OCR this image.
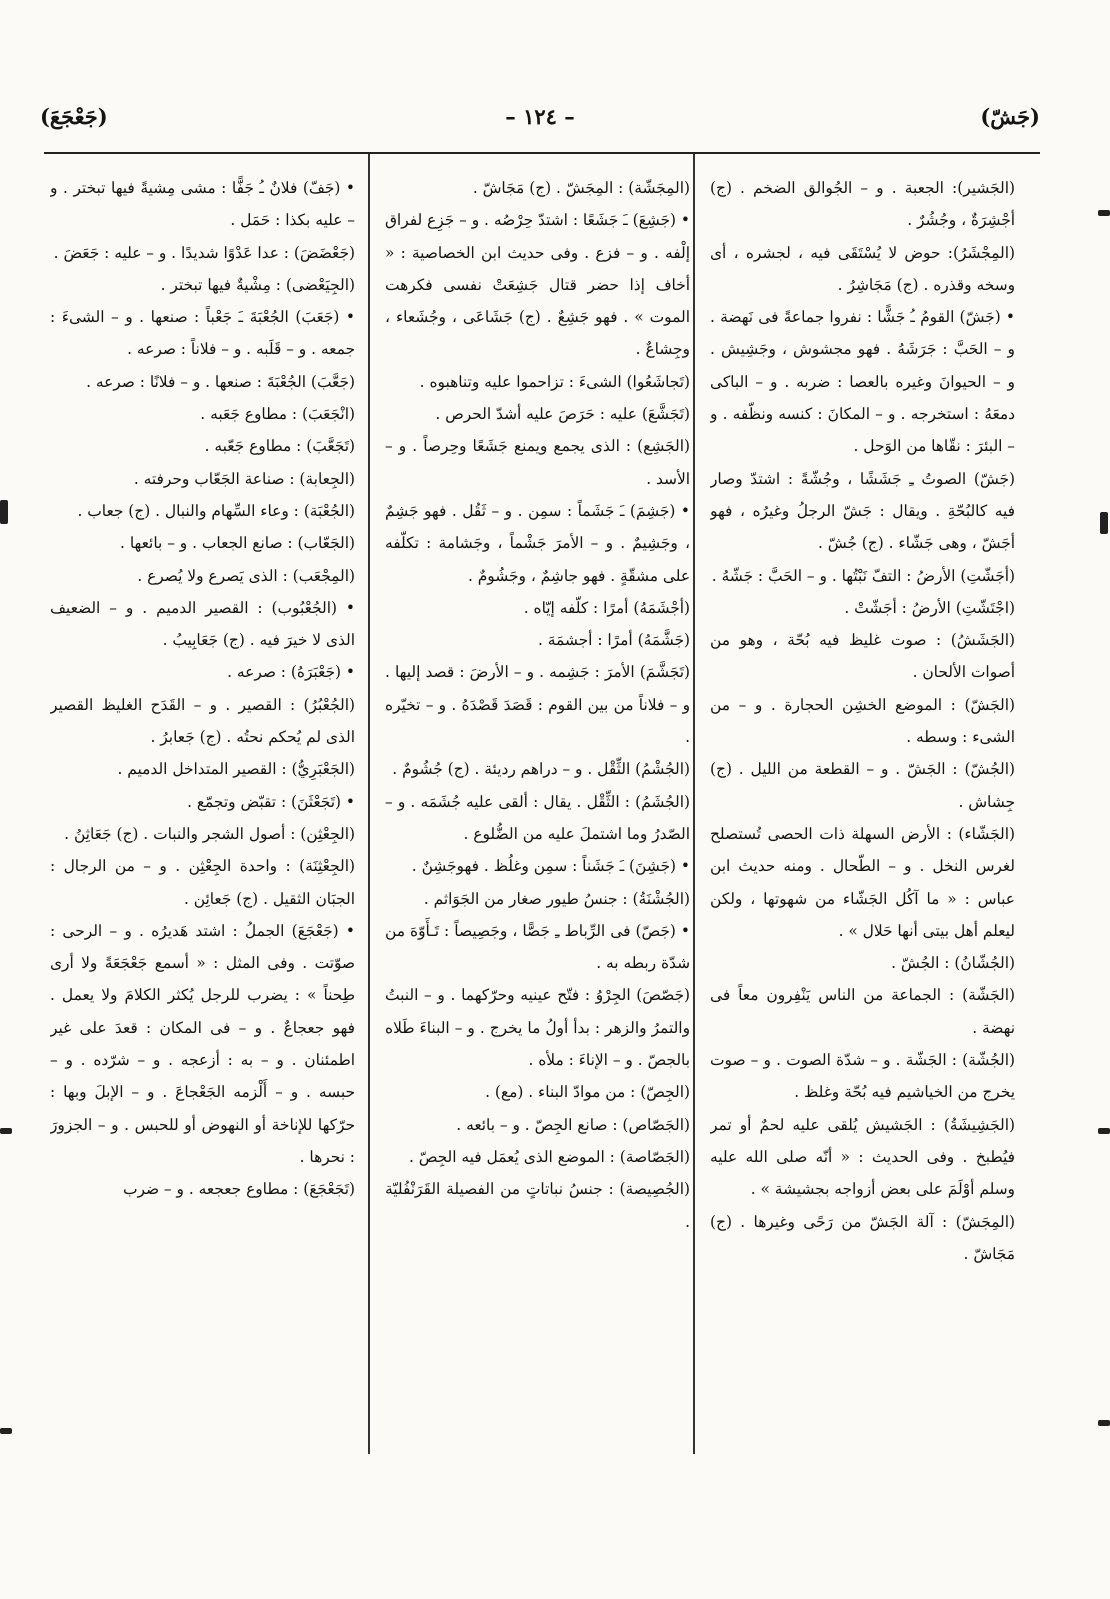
(جَشّ)
– ١٢٤ –
(جَعْجَعَ)

(الجَشير): الجعبة . و – الجُوالق الضخم . (ج) أجْشِرَةٌ ، وجُشُرٌ .

(المِجْشَرُ): حوض لا يُسْتَقَى فيه ، لجشره ، أى وسخه وقذره . (ج) مَجَاشِرُ .

• (جَشّ) القومُ ـُ جَشًّا : نفروا جماعةً فى نَهضة . و – الحَبَّ : جَرَشَهُ . فهو مجشوش ، وجَشِيش . و – الحيوانَ وغيره بالعصا : ضربه . و – الباكى دمعَهُ : استخرجه . و – المكانَ : كنسه ونظّفه . و – البئرَ : نقّاها من الوَحل .

(جَشّ) الصوتُ ـِ جَشَشًا ، وجُشّةً : اشتدّ وصار فيه كالبُحّةِ . ويقال : جَشّ الرجلُ وغيرُه ، فهو أجَشّ ، وهى جَشّاء . (ج) جُشّ .

(أجَشّتِ) الأرضُ : التفّ نَبْتُها . و – الحَبَّ : جَشّهُ .

(اجْتَشّتِ) الأرضُ : أجَشّتْ .

(الجَشَشُ) : صوت غليظ فيه بُحّة ، وهو من أصوات الألحان .

(الجَشّ) : الموضع الخشِن الحجارة . و – من الشىء : وسطه .

(الجُشّ) : الجَشّ . و – القطعة من الليل . (ج) جِشاش .

(الجَشّاء) : الأرض السهلة ذات الحصى تُستصلح لغرس النخل . و – الطّحال . ومنه حديث ابن عباس : « ما آكُل الجَشّاء من شهوتها ، ولكن ليعلم أهل بيتى أنها حَلال » .

(الجُشّانُ) : الجُشّ .

(الجَشّة) : الجماعة من الناس يَنْفِرون معاً فى نهضة .

(الجُشّة) : الجَشّة . و – شدّة الصوت . و – صوت يخرج من الخياشيم فيه بُحّة وغلظ .

(الجَشِيشَةُ) : الجَشيش يُلقى عليه لحمٌ أو تمر فيُطبخ . وفى الحديث : « أنّه صلى الله عليه وسلم أوْلَمَ على بعض أزواجه بجشيشة » .

(المِجَشّ) : آلة الجَشّ من رَحًى وغيرها . (ج) مَجَاشّ .

(المِجَشّة) : المِجَشّ . (ج) مَجَاشّ .

• (جَشِعَ) ـَ جَشَعًا : اشتدّ حِرْصُه . و – جَزِع لفراق إلْفه . و – فزع . وفى حديث ابن الخصاصية : « أخاف إذا حضر قتال جَشِعَتْ نفسى فكرهت الموت » . فهو جَشِعٌ . (ج) جَشَاعَى ، وجُشَعاء ، وجِشاعٌ .

(تَجاشَعُوا) الشىءَ : تزاحموا عليه وتناهبوه .

(تَجَشَّعَ) عليه : حَرَصَ عليه أشدّ الحرص .

(الجَشِع) : الذى يجمع ويمنع جَشَعًا وحِرصاً . و – الأسد .

• (جَشِمَ) ـَ جَشَماً : سمِن . و – ثَقُل . فهو جَشِمٌ ، وجَشِيمٌ . و – الأمرَ جَشْماً ، وجَشامة : تكلّفه على مشقّةٍ . فهو جاشِمٌ ، وجَشُومٌ .

(أجْشَمَهُ) أمرًا : كلّفه إيّاه .

(جَشَّمَهُ) أمرًا : أجشمَهَ .

(تَجَشَّمَ) الأمرَ : جَشِمه . و – الأرضَ : قصد إليها . و – فلاناً من بين القوم : قَصَدَ قَصْدَهُ . و – تخيّره .

(الجُشْمُ) الثِّقْل . و – دراهم رديئة . (ج) جُشُومٌ .

(الجُشَمُ) : الثِّقْل . يقال : ألقى عليه جُشَمَه . و – الصّدرُ وما اشتملَ عليه من الضُّلوع .

• (جَشِنَ) ـَ جَشَناً : سمِن وغلُظ . فهوجَشِنٌ .

(الجُشْنَةُ) : جنسُ طيور صغار من الجَوَاثم .

• (جَصّ) فى الرِّباط ـِ جَصًّا ، وجَصِيصاً : تَـأَوّهَ من شدّة ربطه به .

(جَصّصَ) الجِرْوُ : فتّح عينيه وحرّكهما . و – النبتُ والتمرُ والزهر : بدأ أولُ ما يخرج . و – البناءَ طَلاه بالجصّ . و – الإناءَ : ملأه .

(الجِصّ) : من موادّ البناء . (مع) .

(الجَصّاص) : صانع الجِصّ . و – بائعه .

(الجَصّاصة) : الموضع الذى يُعمَل فيه الجِصّ .

(الجُصِيصة) : جنسُ نباتاتٍ من الفصيلة القَرَنْفُليّة .

• (جَفّ) فلانٌ ـُ جَفًّا : مشى مِشيةً فيها تبختر . و – عليه بكذا : حَمَل .

(جَعْضَضَ) : عدا عَدْوًا شديدًا . و – عليه : جَعَضَ .

(الجِيَعْضى) : مِشْيةٌ فيها تبختر .

• (جَعَبَ) الجُعْبَةَ ـَ جَعْباً : صنعها . و – الشىءَ : جمعه . و – قَلَبه . و – فلاناً : صرعه .

(جَعَّبَ) الجُعْبَةَ : صنعها . و – فلانًا : صرعه .

(انْجَعَبَ) : مطاوع جَعَبه .

(تَجَعَّبَ) : مطاوع جَعّبه .

(الجِعابة) : صناعة الجَعّاب وحرفته .

(الجُعْبَة) : وعاء السِّهام والنبال . (ج) جعاب .

(الجَعّاب) : صانع الجعاب . و – بائعها .

(المِجْعَب) : الذى يَصرع ولا يُصرع .

• (الجُعْبُوب) : القصير الدميم . و – الضعيف الذى لا خيرَ فيه . (ج) جَعَابِيبُ .

• (جَعْبَرَهُ) : صرعه .

(الجُعْبُرُ) : القصير . و – القَدَح الغليظ القصير الذى لم يُحكم نحتُه . (ج) جَعابرُ .

(الجَعْبَرِيُّ) : القصير المتداخل الدميم .

• (تَجَعْثَنَ) : تقبّض وتجمّع .

(الجِعْثِن) : أصول الشجر والنبات . (ج) جَعَاثِنُ .

(الجِعْثِنَة) : واحدة الجِعْثِن . و – من الرجال : الجبَان الثقيل . (ج) جَعائِن .

• (جَعْجَعَ) الجملُ : اشتد هَديرُه . و – الرحى : صوّتت . وفى المثل : « أسمع جَعْجَعَةً ولا أرى طِحناً » : يضرب للرجل يُكثر الكلامَ ولا يعمل . فهو جعجاعٌ . و – فى المكان : قعدَ على غير اطمئنان . و – به : أزعجه . و – شرّده . و – حبسه . و – أَلْزمه الجَعْجاعَ . و – الإبلَ وبها : حرّكها للإناخة أو النهوض أو للحبس . و – الجزورَ : نحرها .

(تَجَعْجَعَ) : مطاوع جعجعه . و – ضرب
